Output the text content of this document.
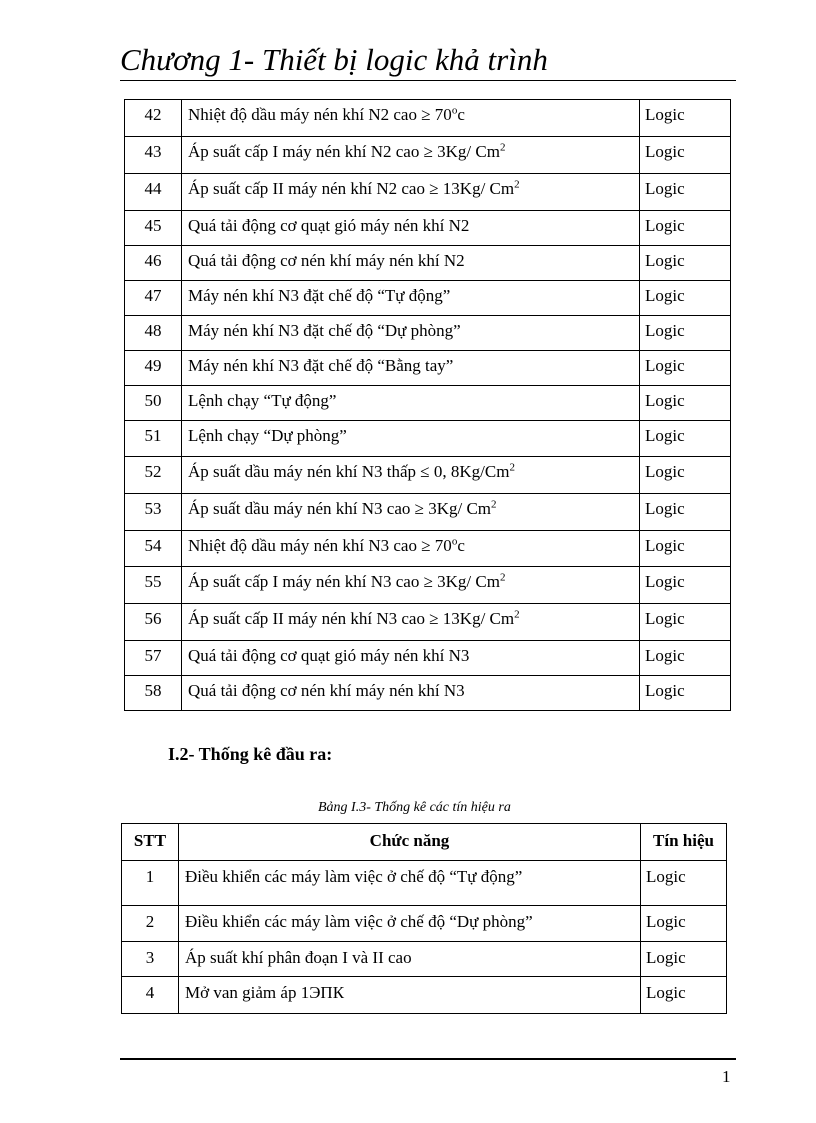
Chương 1- Thiết bị logic khả trình
42	Nhiệt độ dầu máy nén khí N2 cao ≥ $70^oc$	Logic
43	Áp suất cấp I máy nén khí N2 cao ≥ 3Kg/ Cm$^2$	Logic
44	Áp suất cấp II máy nén khí N2 cao ≥ 13Kg/ Cm$^2$	Logic
45	Quá tải động cơ quạt gió máy nén khí N2	Logic
46	Quá tải động cơ nén khí máy nén khí N2	Logic
47	Máy nén khí N3 đặt chế độ “Tự động”	Logic
48	Máy nén khí N3 đặt chế độ “Dự phòng”	Logic
49	Máy nén khí N3 đặt chế độ “Bằng tay”	Logic
50	Lệnh chạy “Tự động”	Logic
51	Lệnh chạy “Dự phòng”	Logic
52	Áp suất dầu máy nén khí N3 thấp ≤ 0, 8Kg/Cm$^2$	Logic
53	Áp suất dầu máy nén khí N3 cao ≥ 3Kg/ Cm$^2$	Logic
54	Nhiệt độ dầu máy nén khí N3 cao ≥ $70^oc$	Logic
55	Áp suất cấp I máy nén khí N3 cao ≥ 3Kg/ Cm$^2$	Logic
56	Áp suất cấp II máy nén khí N3 cao ≥ 13Kg/ Cm$^2$	Logic
57	Quá tải động cơ quạt gió máy nén khí N3	Logic
58	Quá tải động cơ nén khí máy nén khí N3	Logic
I.2- Thống kê đầu ra:
Bảng I.3- Thống kê các tín hiệu ra
STT	Chức năng	Tín hiệu
1	Điều khiển các máy làm việc ở chế độ “Tự động”	Logic
2	Điều khiển các máy làm việc ở chế độ “Dự phòng”	Logic
3	Áp suất khí phân đoạn I và II cao	Logic
4	Mở van giảm áp 1ЭПК	Logic
1
